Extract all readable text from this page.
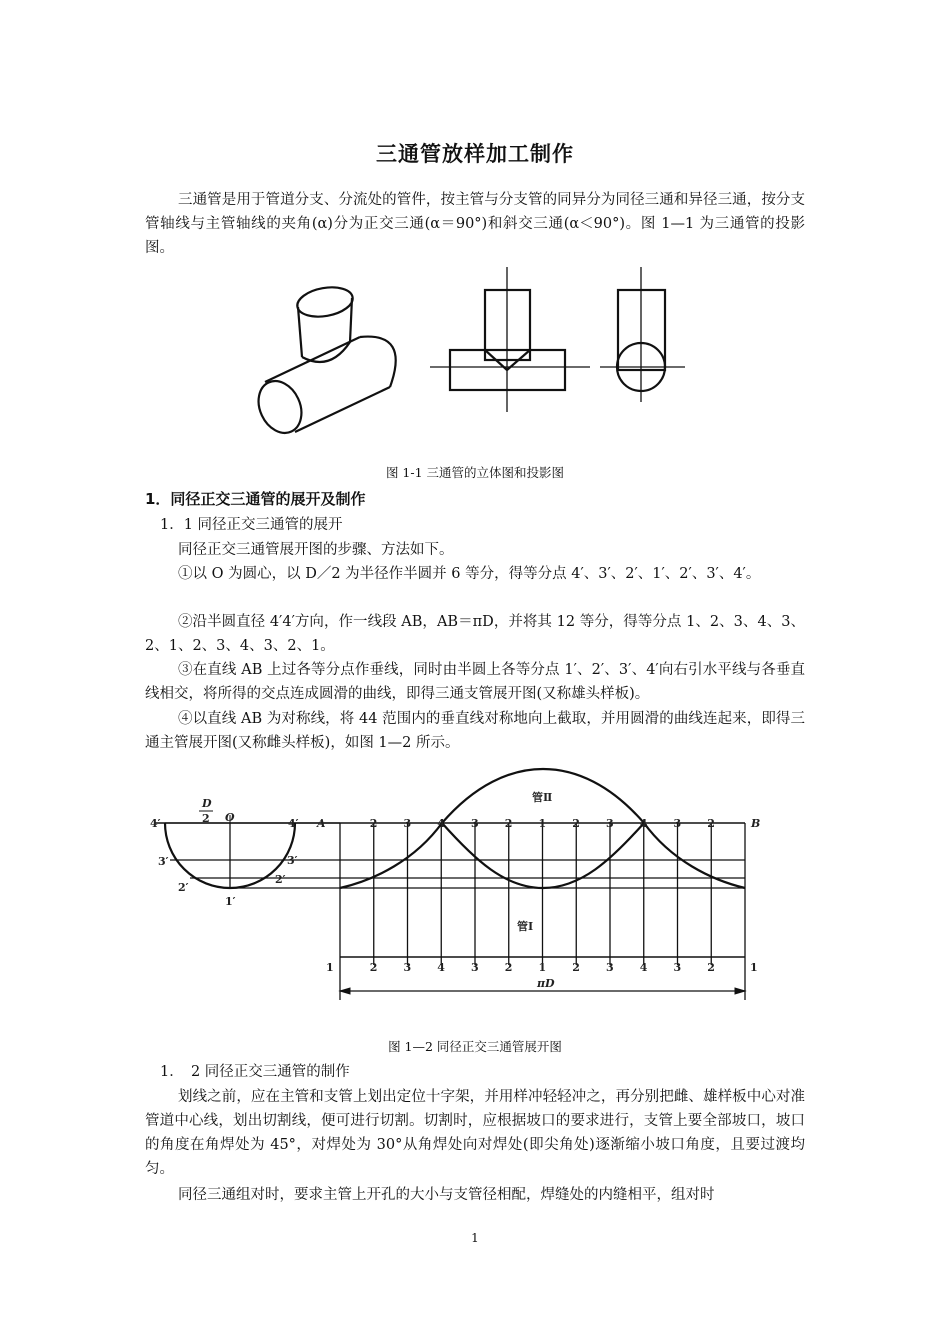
三通管放样加工制作
三通管是用于管道分支、分流处的管件，按主管与分支管的同异分为同径三通和异径三通，按分支管轴线与主管轴线的夹角(α)分为正交三通(α＝90°)和斜交三通(α＜90°)。图 1—1 为三通管的投影图。
图 1-1 三通管的立体图和投影图
1．同径正交三通管的展开及制作
1．1 同径正交三通管的展开
同径正交三通管展开图的步骤、方法如下。
①以 O 为圆心，以 D／2 为半径作半圆并 6 等分，得等分点 4′、3′、2′、1′、2′、3′、4′。
②沿半圆直径 4′4′方向，作一线段 AB，AB＝πD，并将其 12 等分，得等分点 1、2、3、4、3、2、1、2、3、4、3、2、1。
③在直线 AB 上过各等分点作垂线，同时由半圆上各等分点 1′、2′、3′、4′向右引水平线与各垂直线相交，将所得的交点连成圆滑的曲线，即得三通支管展开图(又称雄头样板)。
④以直线 AB 为对称线，将 44 范围内的垂直线对称地向上截取，并用圆滑的曲线连起来，即得三通主管展开图(又称雌头样板)，如图 1—2 所示。
D
2 O	A	B
πD
管Ⅱ
管Ⅰ
4′
3′
2′
1′
4′
3′
2′
2 3 4 3 2 1 2 3 4 3 2
1	2 3 4 3 2 1 2 3 4 3 2	1
图 1—2 同径正交三通管展开图
1．　2 同径正交三通管的制作
划线之前，应在主管和支管上划出定位十字架，并用样冲轻轻冲之，再分别把雌、雄样板中心对准管道中心线，划出切割线，便可进行切割。切割时，应根据坡口的要求进行，支管上要全部坡口，坡口的角度在角焊处为 45°，对焊处为 30°从角焊处向对焊处(即尖角处)逐渐缩小坡口角度，且要过渡均匀。
同径三通组对时，要求主管上开孔的大小与支管径相配，焊缝处的内缝相平，组对时
1
